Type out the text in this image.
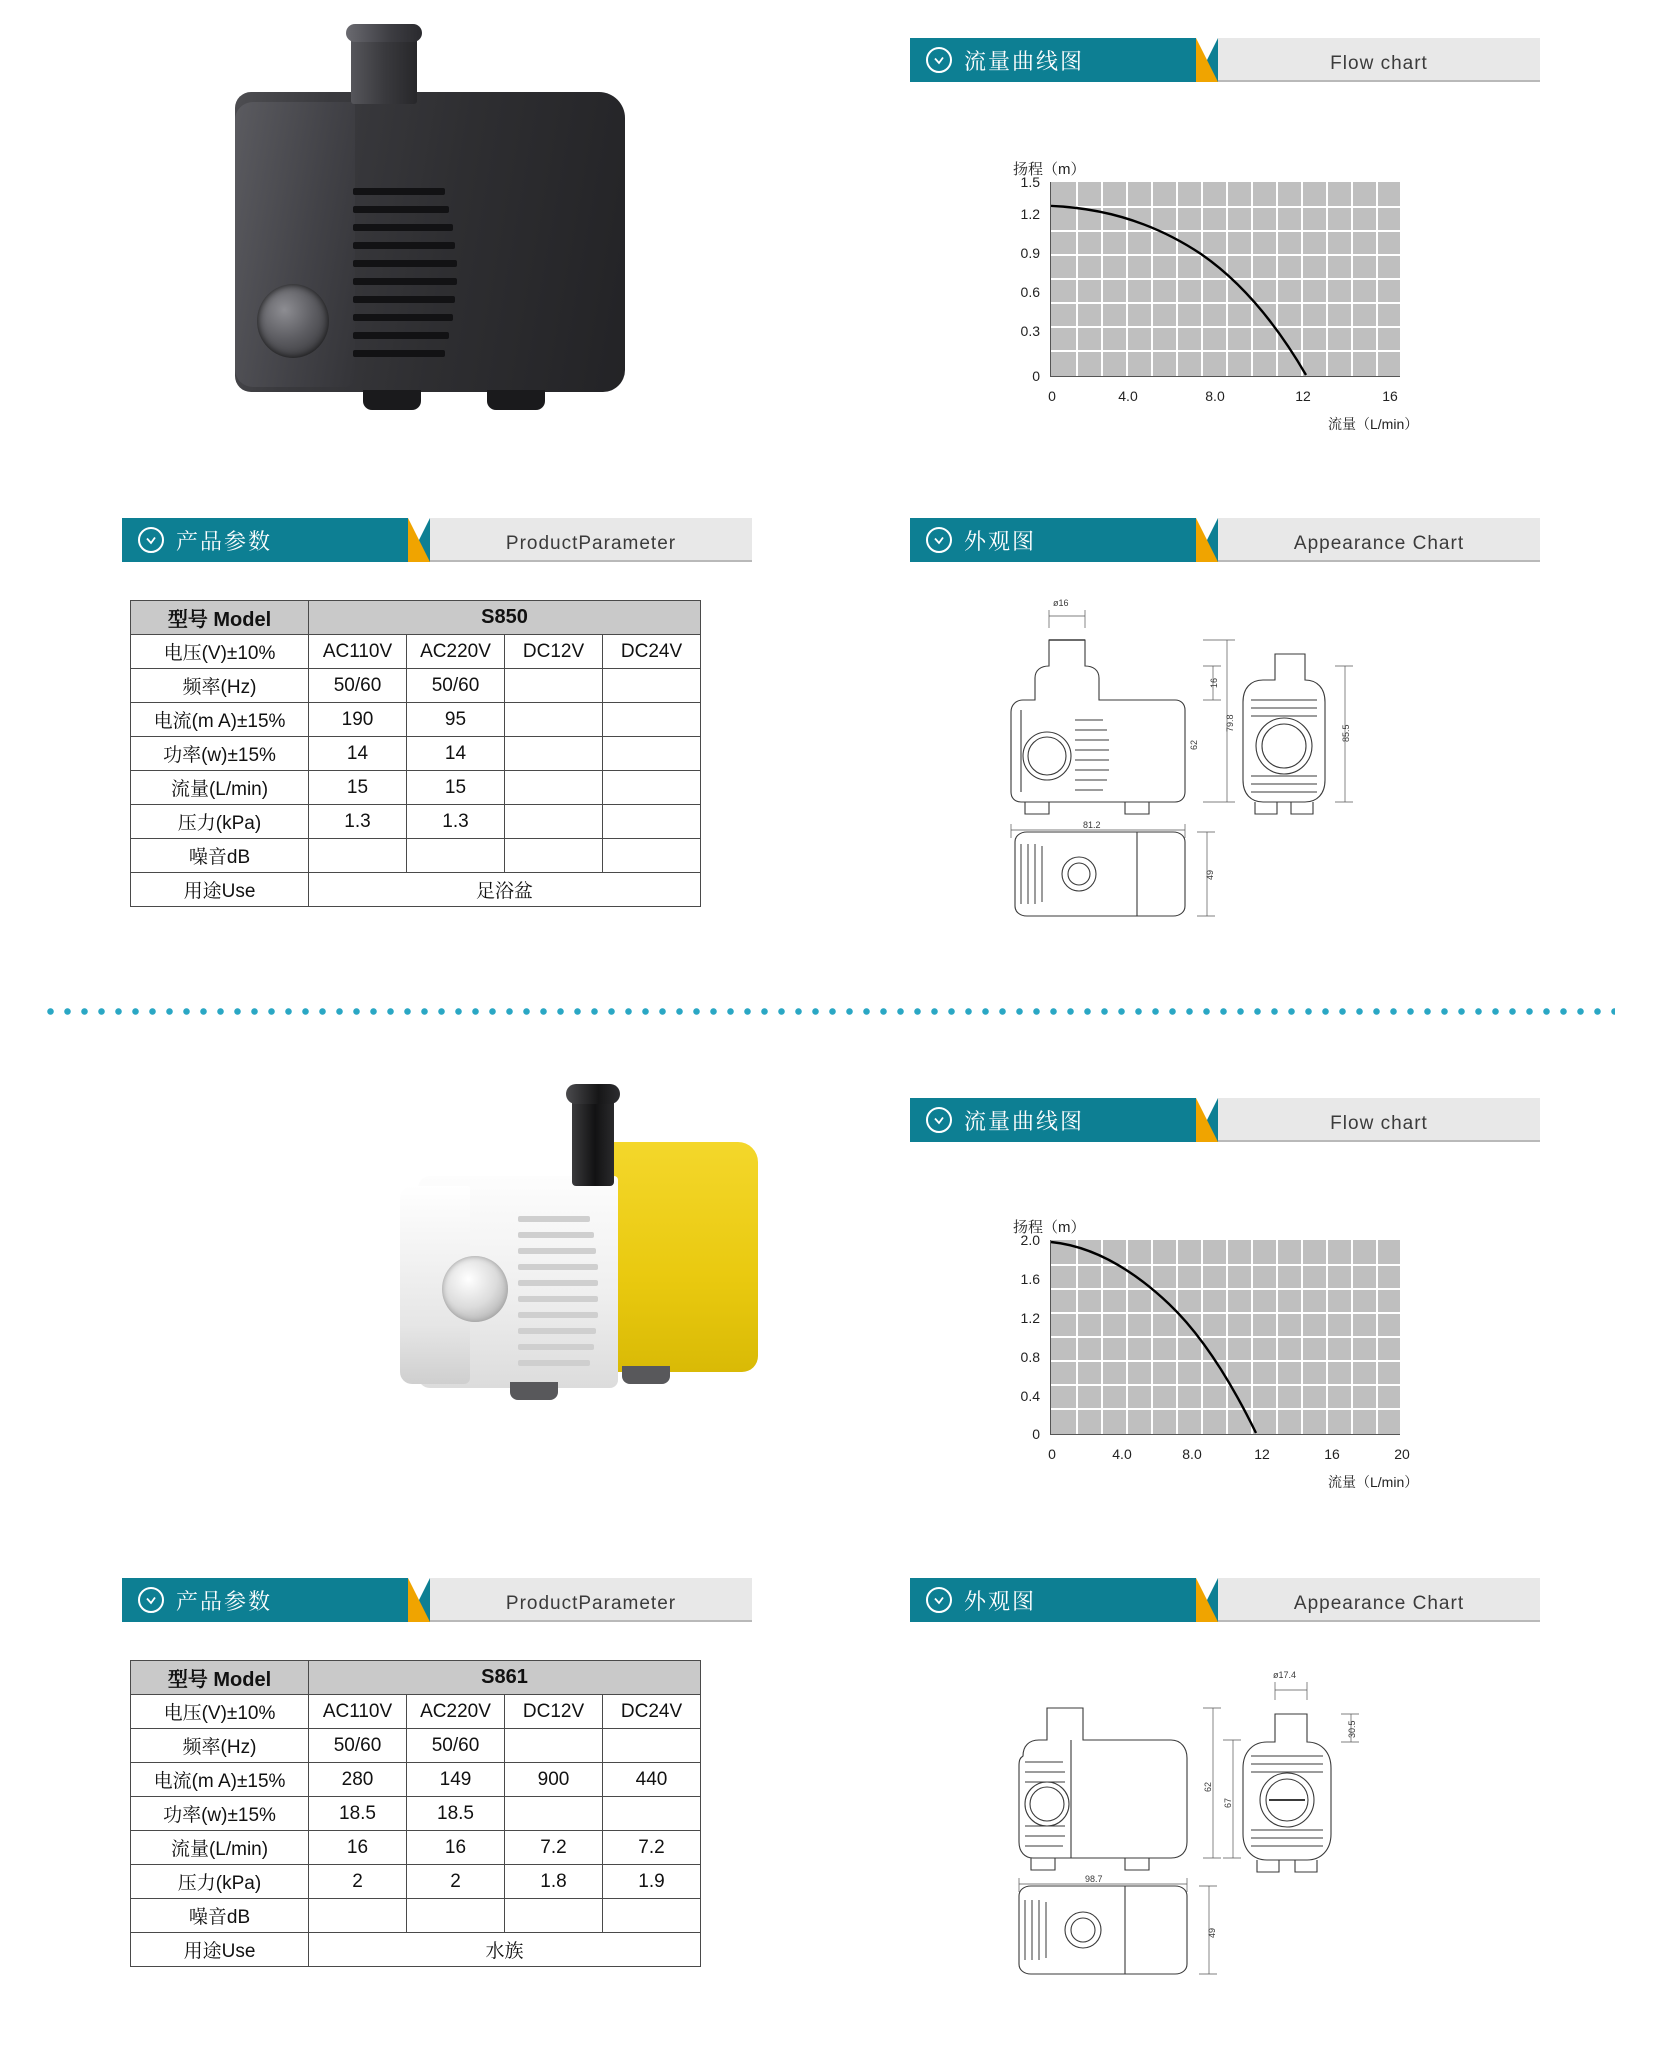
流量曲线图	Flow chart
扬程（m）
1.5
1.2
0.9
0.6
0.3
0
0	4.0	8.0	12	16
流量（L/min）
产品参数	ProductParameter	外观图	Appearance Chart
型号 Model	S850			
电压(V)±10%	AC110V	AC220V	DC12V	DC24V
频率(Hz)	50/60	50/60		
电流(m A)±15%	190	95		
功率(w)±15%	14	14		
流量(L/min)	15	15		
压力(kPa)	1.3	1.3		
噪音dB				
用途Use	足浴盆			
ø16
16
79.8
85.5
81.2
49
62
流量曲线图	Flow chart
扬程（m）
2.0
1.6
1.2
0.8
0.4
0
0	4.0	8.0	12	16	20
流量（L/min）
产品参数	ProductParameter	外观图	Appearance Chart
型号 Model	S861			
电压(V)±10%	AC110V	AC220V	DC12V	DC24V
频率(Hz)	50/60	50/60		
电流(m A)±15%	280	149	900	440
功率(w)±15%	18.5	18.5		
流量(L/min)	16	16	7.2	7.2
压力(kPa)	2	2	1.8	1.9
噪音dB				
用途Use	水族			
ø17.4
30.5
62
67
98.7
49
